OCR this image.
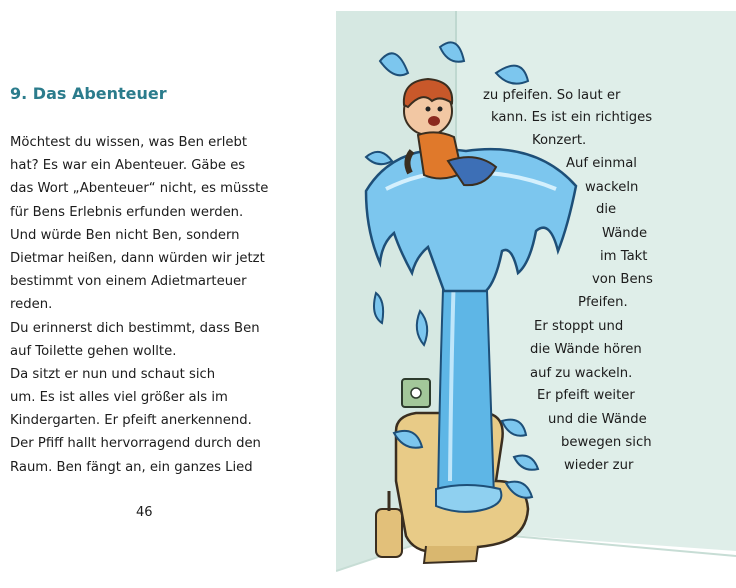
9. Das Abenteuer
Möchtest du wissen, was Ben erlebt
hat? Es war ein Abenteuer. Gäbe es
das Wort „Abenteuer“ nicht, es müsste
für Bens Erlebnis erfunden werden.
Und würde Ben nicht Ben, sondern
Dietmar heißen, dann würden wir jetzt
bestimmt von einem Adietmarteuer
reden.
Du erinnerst dich bestimmt, dass Ben
auf Toilette gehen wollte.
Da sitzt er nun und schaut sich
um. Es ist alles viel größer als im
Kindergarten. Er pfeift anerkennend.
Der Pfiff hallt hervorragend durch den
Raum. Ben fängt an, ein ganzes Lied
46
zu pfeifen. So laut er
kann. Es ist ein richtiges
Konzert.
Auf einmal
wackeln
die
Wände
im Takt
von Bens
Pfeifen.
Er stoppt und
die Wände hören
auf zu wackeln.
Er pfeift weiter
und die Wände
bewegen sich
wieder zur
